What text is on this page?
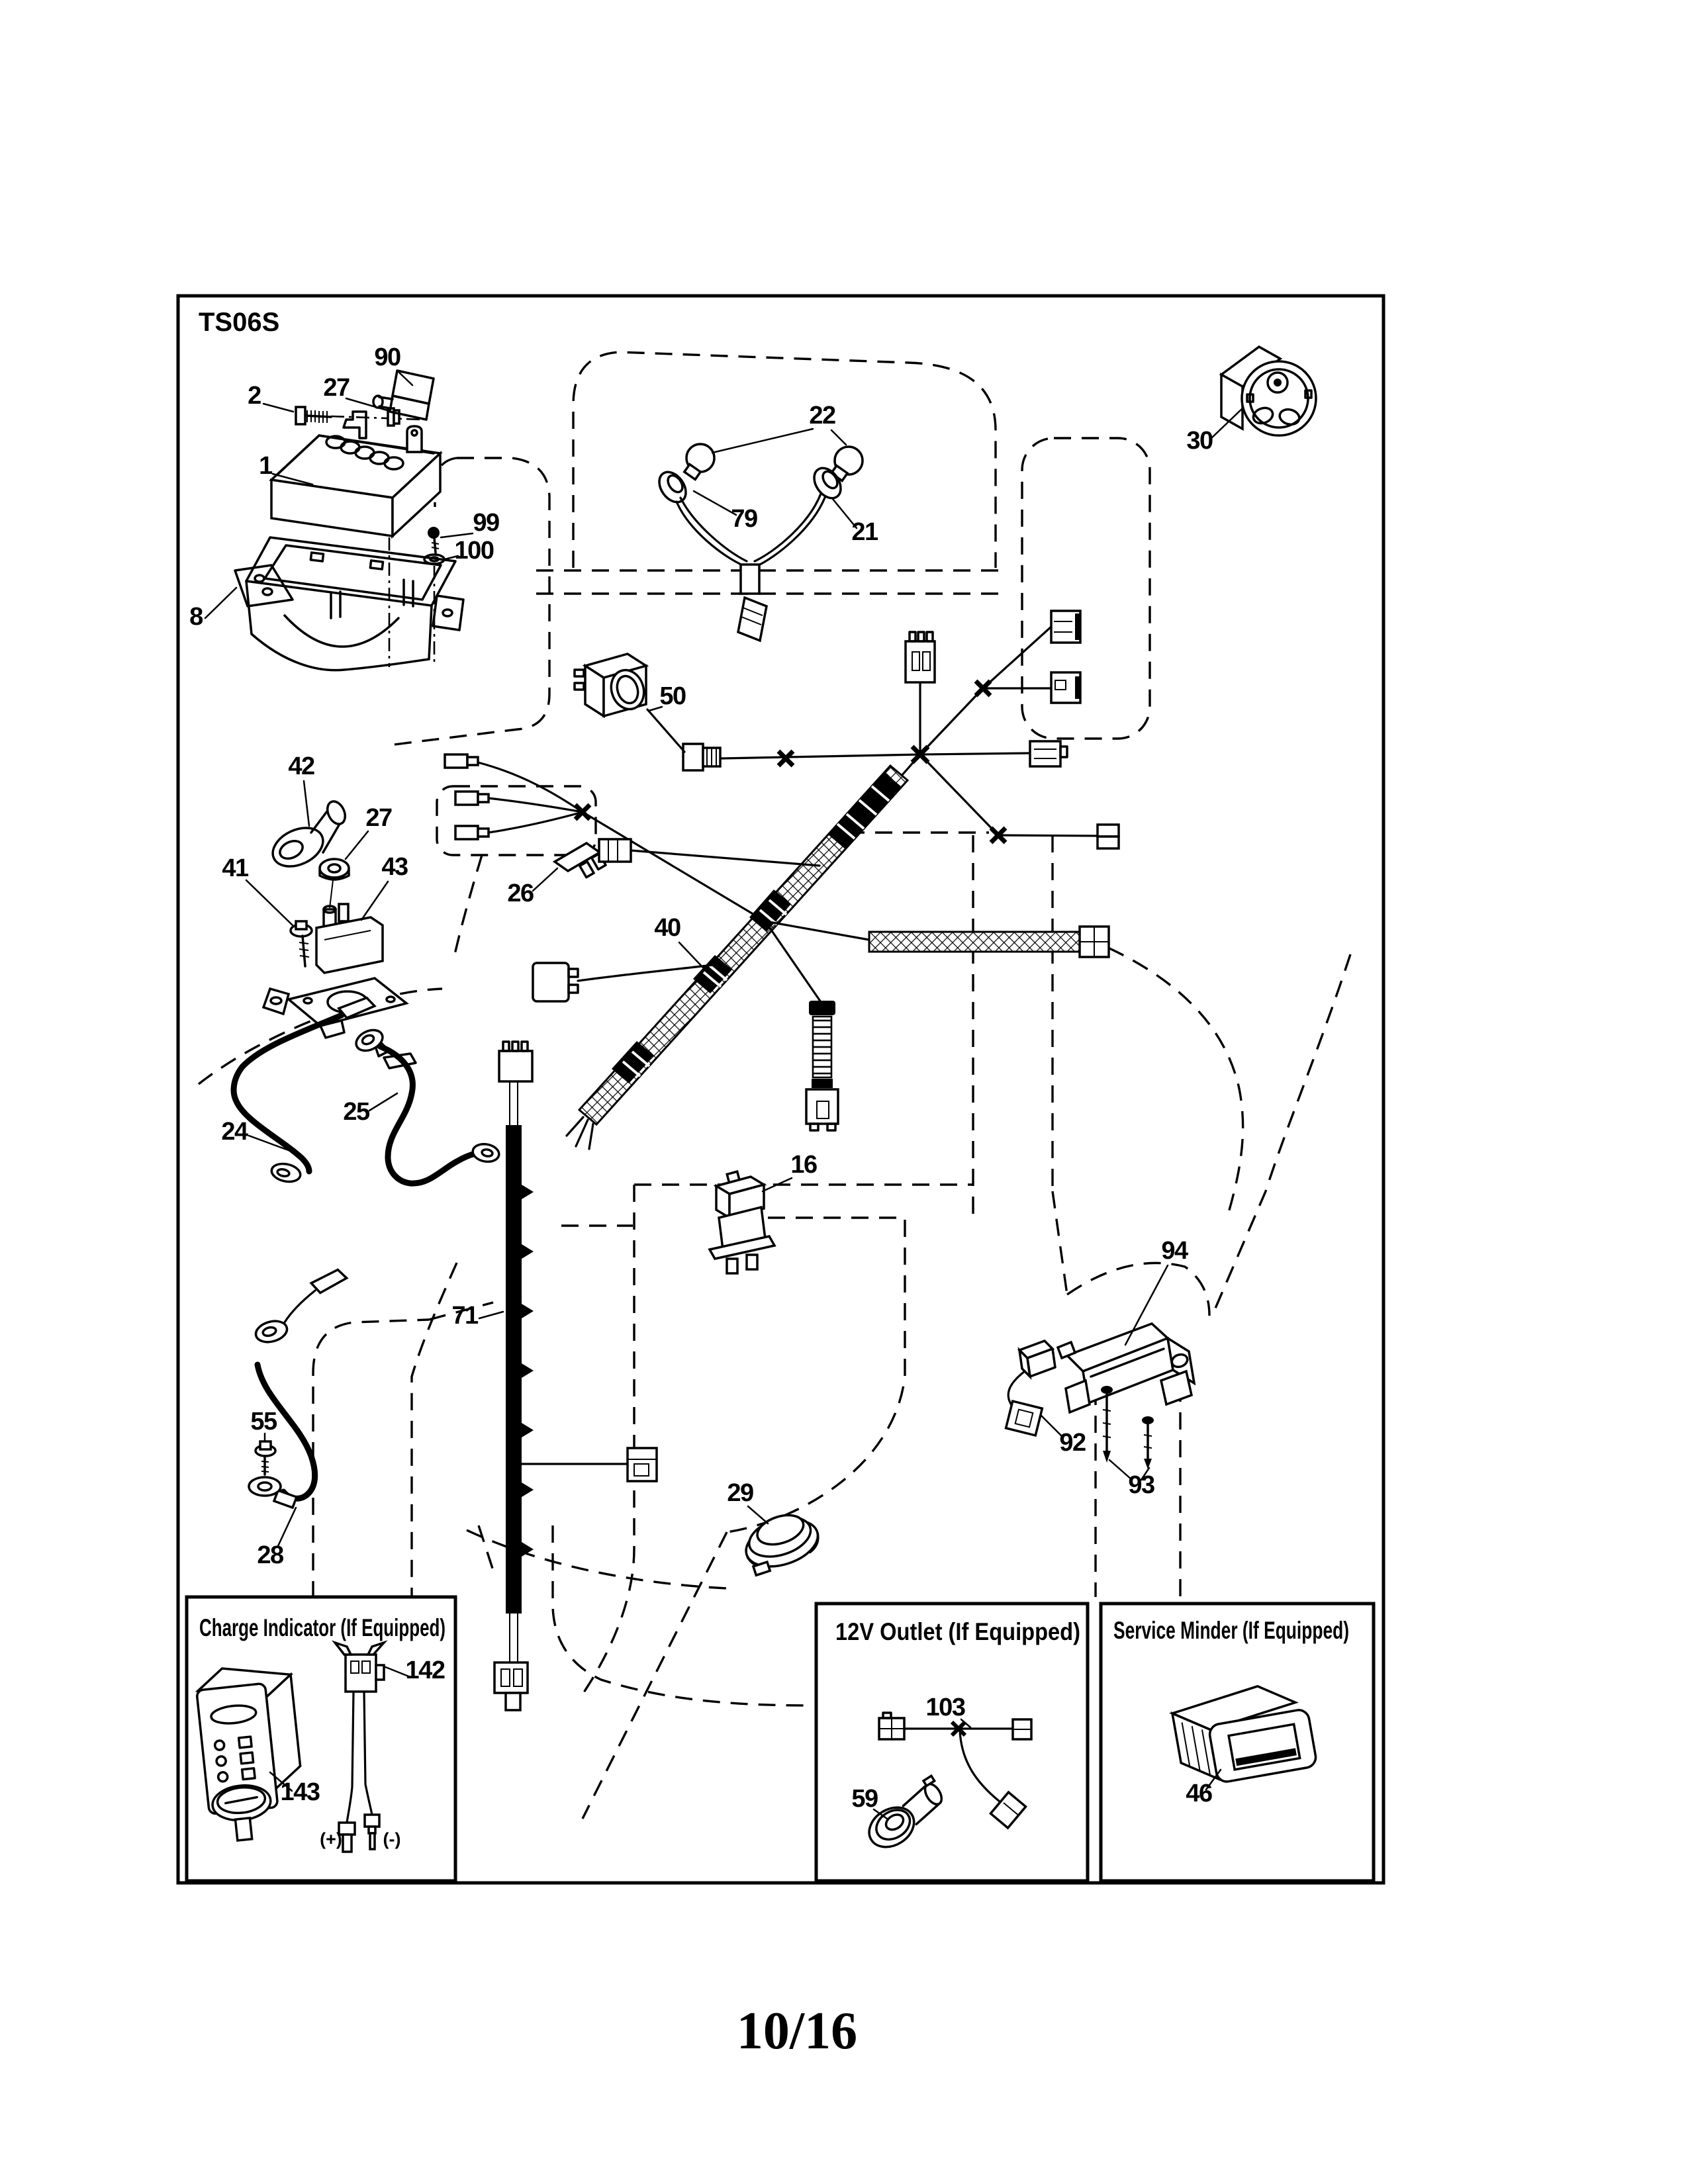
Charge Indicator (If Equipped)	12V Outlet (If Equipped) Service Minder (If Equipped)
TS06S
90
2 27
1
99
100
8
22
79	21
30
50
42
27
41	43
26
40
24
25
16
71
55
28
94
92
93
29
142
143
(+) (-)
103
59	46
10/16
